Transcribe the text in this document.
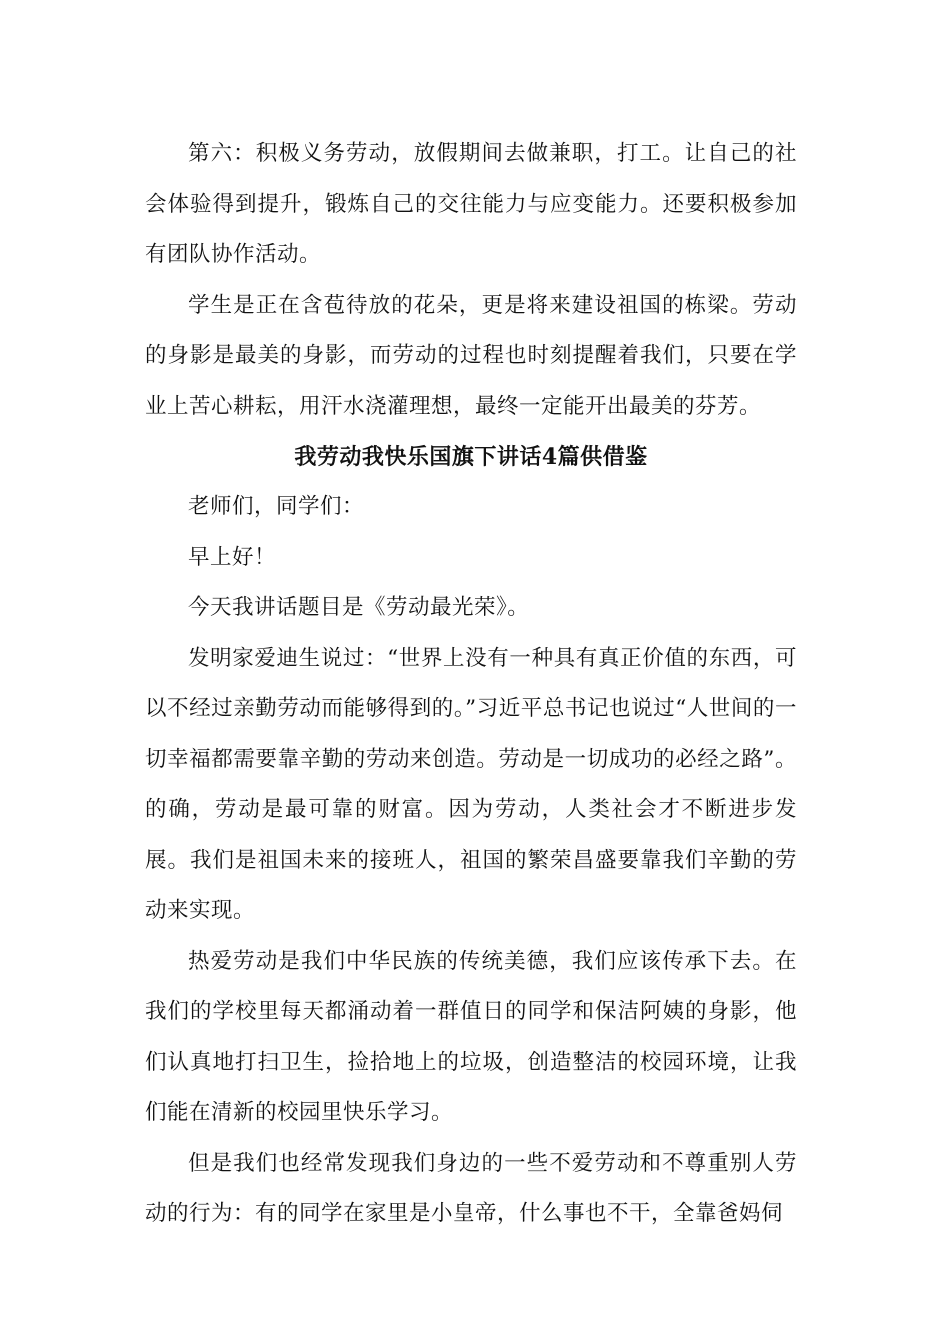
第六：积极义务劳动，放假期间去做兼职，打工。让自己的社会体验得到提升，锻炼自己的交往能力与应变能力。还要积极参加有团队协作活动。

学生是正在含苞待放的花朵，更是将来建设祖国的栋梁。劳动的身影是最美的身影，而劳动的过程也时刻提醒着我们，只要在学业上苦心耕耘，用汗水浇灌理想，最终一定能开出最美的芬芳。

我劳动我快乐国旗下讲话4篇供借鉴

老师们，同学们：

早上好！

今天我讲话题目是《劳动最光荣》。

发明家爱迪生说过：“世界上没有一种具有真正价值的东西，可以不经过亲勤劳动而能够得到的。”习近平总书记也说过“人世间的一切幸福都需要靠辛勤的劳动来创造。劳动是一切成功的必经之路”。的确，劳动是最可靠的财富。因为劳动，人类社会才不断进步发展。我们是祖国未来的接班人，祖国的繁荣昌盛要靠我们辛勤的劳动来实现。

热爱劳动是我们中华民族的传统美德，我们应该传承下去。在我们的学校里每天都涌动着一群值日的同学和保洁阿姨的身影，他们认真地打扫卫生，捡拾地上的垃圾，创造整洁的校园环境，让我们能在清新的校园里快乐学习。

但是我们也经常发现我们身边的一些不爱劳动和不尊重别人劳动的行为：有的同学在家里是小皇帝，什么事也不干，全靠爸妈伺
